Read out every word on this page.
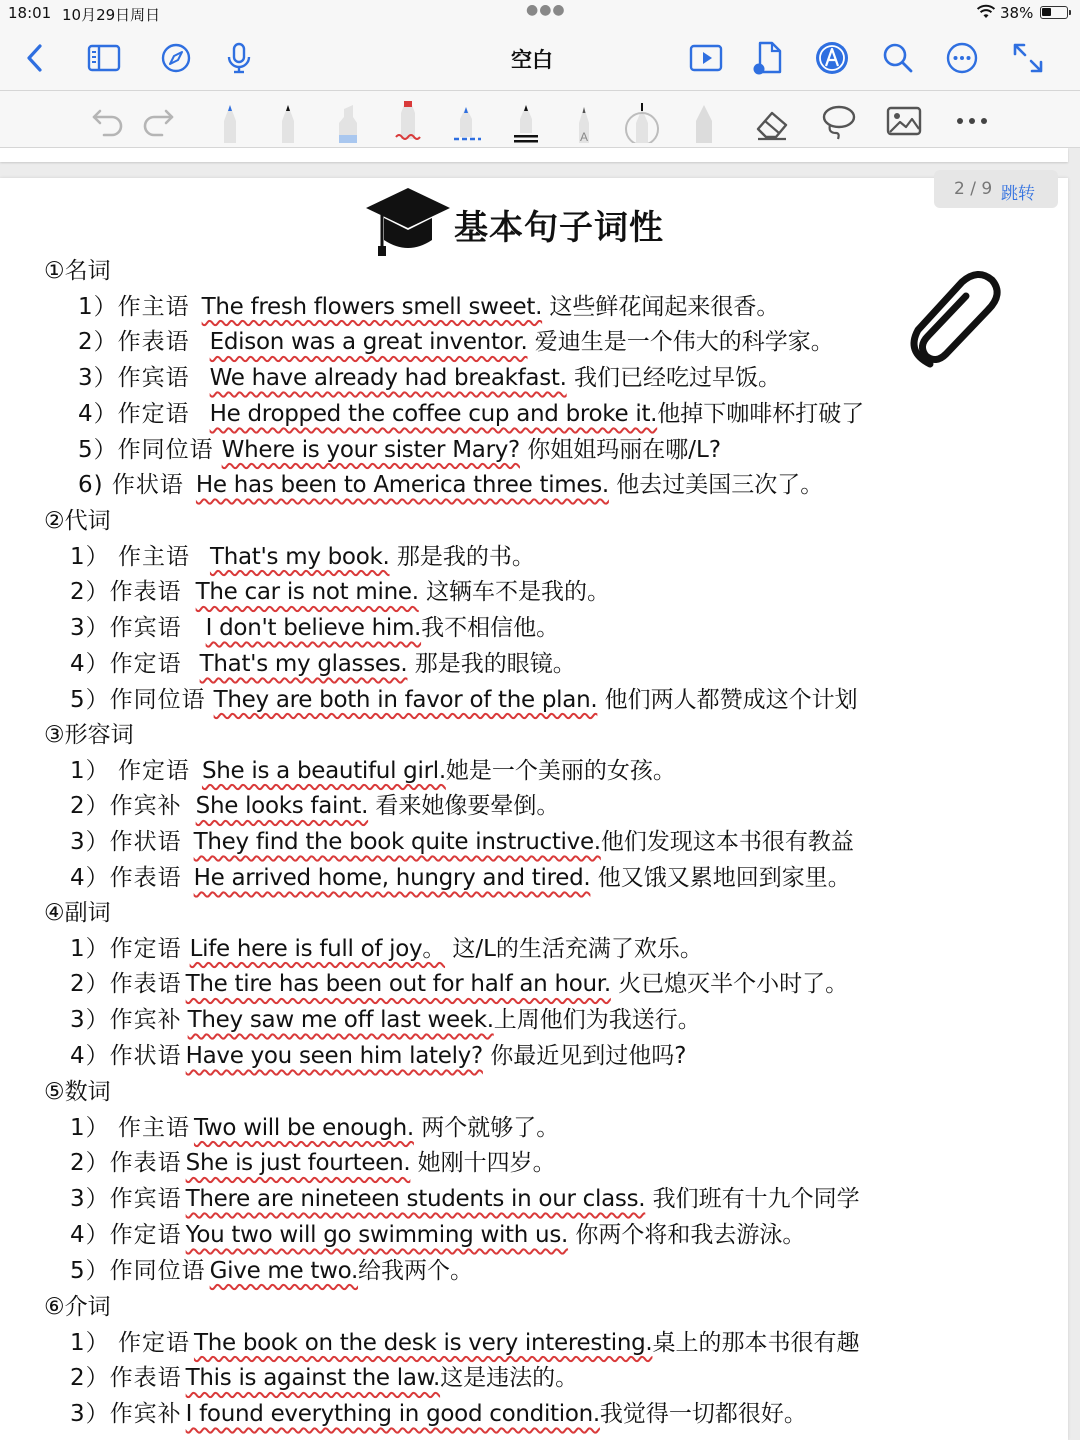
18:01 10月29日周日	●●●	38%
空白
A
2 / 9 跳转
基本句子词性
①名词
1）作主语 The fresh flowers smell sweet. 这些鲜花闻起来很香。
2）作表语 Edison was a great inventor. 爱迪生是一个伟大的科学家。
3）作宾语 We have already had breakfast. 我们已经吃过早饭。
4）作定语 He dropped the coffee cup and broke it.他掉下咖啡杯打破了
5）作同位语 Where is your sister Mary? 你姐姐玛丽在哪/L?
6) 作状语 He has been to America three times. 他去过美国三次了。
②代词
1） 作主语 That's my book. 那是我的书。
2）作表语 The car is not mine. 这辆车不是我的。
3）作宾语 I don't believe him.我不相信他。
4）作定语 That's my glasses. 那是我的眼镜。
5）作同位语 They are both in favor of the plan. 他们两人都赞成这个计划
③形容词
1） 作定语 She is a beautiful girl.她是一个美丽的女孩。
2）作宾补 She looks faint. 看来她像要晕倒。
3）作状语 They find the book quite instructive.他们发现这本书很有教益
4）作表语 He arrived home, hungry and tired. 他又饿又累地回到家里。
④副词
1）作定语 Life here is full of joy。 这/L的生活充满了欢乐。
2）作表语 The tire has been out for half an hour. 火已熄灭半个小时了。
3）作宾补 They saw me off last week.上周他们为我送行。
4）作状语 Have you seen him lately? 你最近见到过他吗?
⑤数词
1） 作主语 Two will be enough. 两个就够了。
2）作表语 She is just fourteen. 她刚十四岁。
3）作宾语 There are nineteen students in our class. 我们班有十九个同学
4）作定语 You two will go swimming with us. 你两个将和我去游泳。
5）作同位语 Give me two.给我两个。
⑥介词
1） 作定语 The book on the desk is very interesting.桌上的那本书很有趣
2）作表语 This is against the law.这是违法的。
3）作宾补 I found everything in good condition.我觉得一切都很好。
